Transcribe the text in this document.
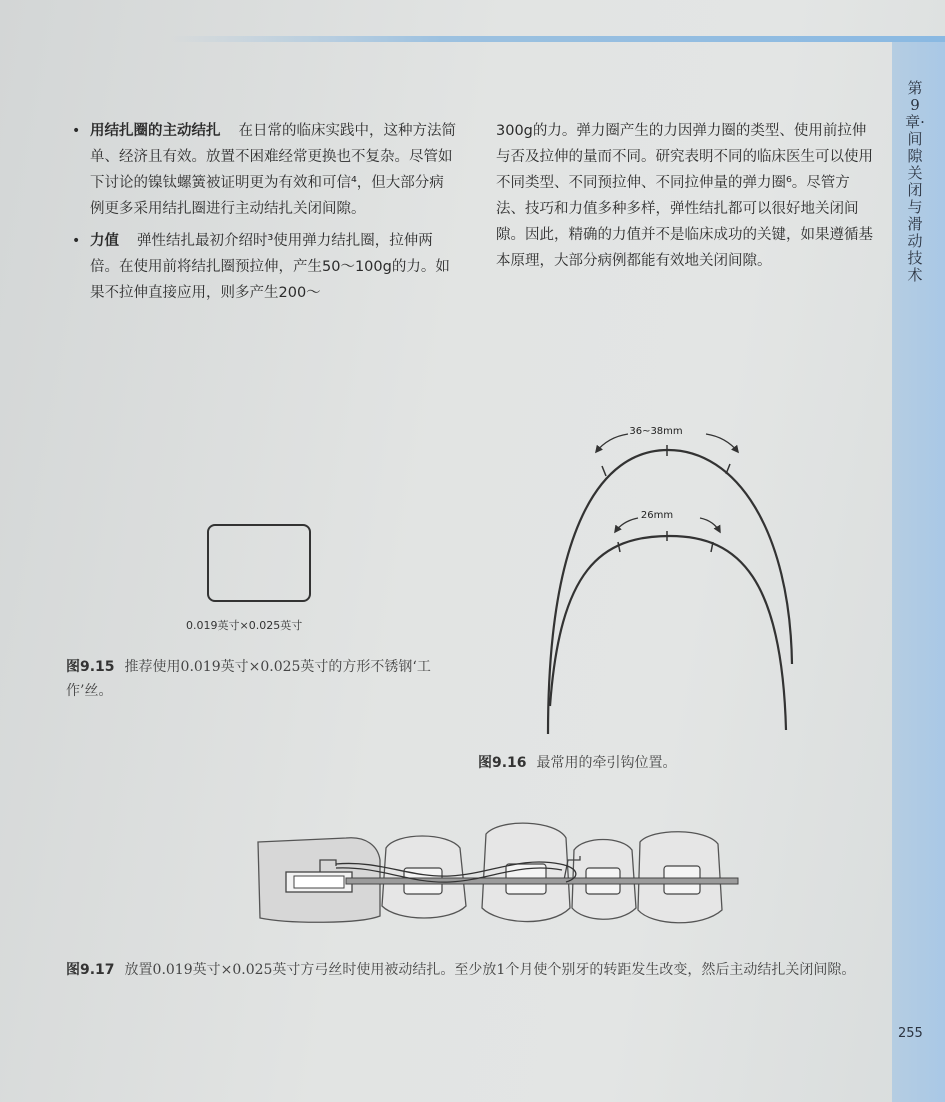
第9章·间隙关闭与滑动技术
255
• 用结扎圈的主动结扎 在日常的临床实践中，这种方法简单、经济且有效。放置不困难经常更换也不复杂。尽管如下讨论的镍钛螺簧被证明更为有效和可信⁴，但大部分病例更多采用结扎圈进行主动结扎关闭间隙。
• 力值 弹性结扎最初介绍时³使用弹力结扎圈，拉伸两倍。在使用前将结扎圈预拉伸，产生50～100g的力。如果不拉伸直接应用，则多产生200～
300g的力。弹力圈产生的力因弹力圈的类型、使用前拉伸与否及拉伸的量而不同。研究表明不同的临床医生可以使用不同类型、不同预拉伸、不同拉伸量的弹力圈⁶。尽管方法、技巧和力值多种多样，弹性结扎都可以很好地关闭间隙。因此，精确的力值并不是临床成功的关键，如果遵循基本原理，大部分病例都能有效地关闭间隙。
0.019英寸×0.025英寸
图9.15 推荐使用0.019英寸×0.025英寸的方形不锈钢‘工作’丝。
36~38mm
26mm
图9.16 最常用的牵引钩位置。
图9.17 放置0.019英寸×0.025英寸方弓丝时使用被动结扎。至少放1个月使个别牙的转距发生改变，然后主动结扎关闭间隙。
